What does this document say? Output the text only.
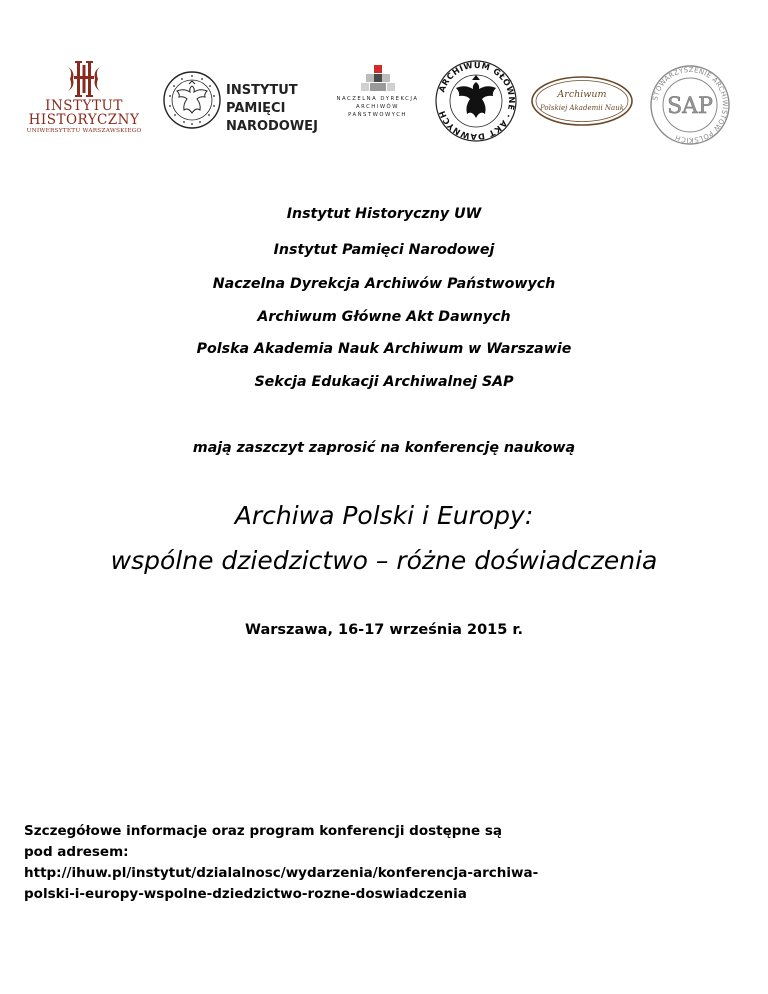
INSTYTUT
HISTORYCZNY
UNIWERSYTETU WARSZAWSKIEGO
INSTYTUT
PAMIĘCI
NARODOWEJ
NACZELNA DYREKCJA
ARCHIWÓW PAŃSTWOWYCH
ARCHIWUM GŁÓWNE · AKT DAWNYCH
Archiwum
Polskiej Akademii Nauk
STOWARZYSZENIE ARCHIWISTÓW POLSKICH
SAP
Instytut Historyczny UW
Instytut Pamięci Narodowej
Naczelna Dyrekcja Archiwów Państwowych
Archiwum Główne Akt Dawnych
Polska Akademia Nauk Archiwum w Warszawie
Sekcja Edukacji Archiwalnej SAP
mają zaszczyt zaprosić na konferencję naukową
Archiwa Polski i Europy:
wspólne dziedzictwo – różne doświadczenia
Warszawa, 16-17 września 2015 r.
Szczegółowe informacje oraz program konferencji dostępne są
pod adresem:
http://ihuw.pl/instytut/dzialalnosc/wydarzenia/konferencja-archiwa-
polski-i-europy-wspolne-dziedzictwo-rozne-doswiadczenia
